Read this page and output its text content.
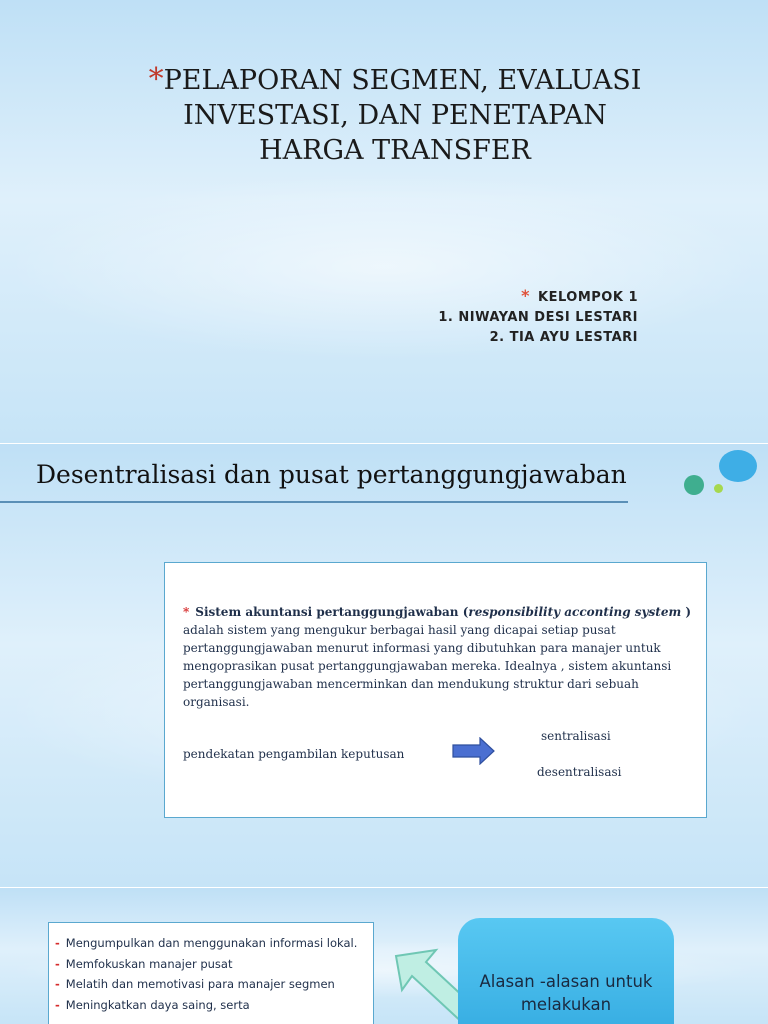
*PELAPORAN SEGMEN, EVALUASI
INVESTASI, DAN PENETAPAN
HARGA TRANSFER
* KELOMPOK 1
1. NIWAYAN DESI LESTARI
2. TIA AYU LESTARI
Desentralisasi dan pusat pertanggungjawaban
* Sistem akuntansi pertanggungjawaban (responsibility acconting system )
adalah sistem yang mengukur berbagai hasil yang dicapai setiap pusat
pertanggungjawaban menurut informasi yang dibutuhkan para manajer untuk
mengoprasikan pusat pertanggungjawaban mereka. Idealnya , sistem akuntansi
pertanggungjawaban mencerminkan dan mendukung struktur dari sebuah
organisasi.
pendekatan pengambilan keputusan
sentralisasi
desentralisasi
- Mengumpulkan dan menggunakan informasi lokal.
- Memfokuskan manajer pusat
- Melatih dan memotivasi para manajer segmen
- Meningkatkan daya saing, serta
Alasan -alasan untuk
melakukan
